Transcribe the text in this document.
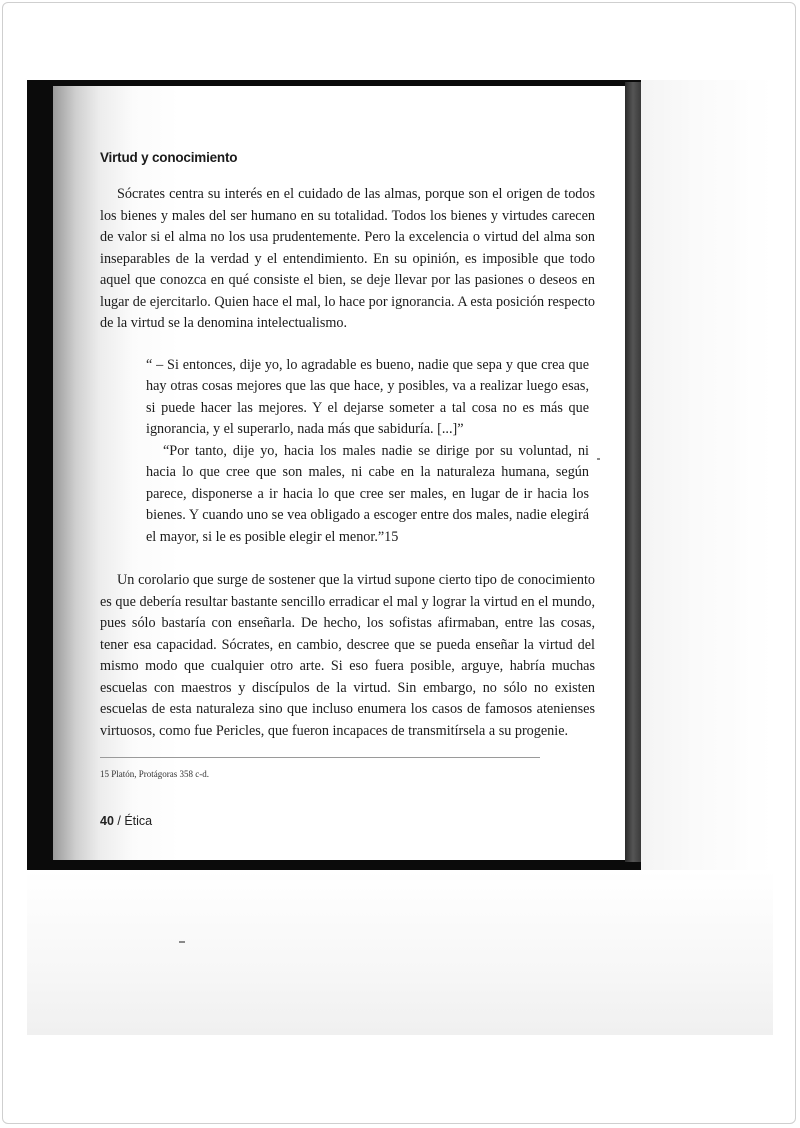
Virtud y conocimiento

Sócrates centra su interés en el cuidado de las almas, porque son el origen de todos los bienes y males del ser humano en su totalidad. Todos los bienes y virtudes carecen de valor si el alma no los usa prudentemente. Pero la excelencia o virtud del alma son inseparables de la verdad y el entendimiento. En su opinión, es imposible que todo aquel que conozca en qué consiste el bien, se deje llevar por las pasiones o deseos en lugar de ejercitarlo. Quien hace el mal, lo hace por ignorancia. A esta posición respecto de la virtud se la denomina intelectualismo.

“ – Si entonces, dije yo, lo agradable es bueno, nadie que sepa y que crea que hay otras cosas mejores que las que hace, y posibles, va a realizar luego esas, si puede hacer las mejores. Y el dejarse someter a tal cosa no es más que ignorancia, y el superarlo, nada más que sabiduría. [...]”

“Por tanto, dije yo, hacia los males nadie se dirige por su voluntad, ni hacia lo que cree que son males, ni cabe en la naturaleza humana, según parece, disponerse a ir hacia lo que cree ser males, en lugar de ir hacia los bienes. Y cuando uno se vea obligado a escoger entre dos males, nadie elegirá el mayor, si le es posible elegir el menor.”15

Un corolario que surge de sostener que la virtud supone cierto tipo de conocimiento es que debería resultar bastante sencillo erradicar el mal y lograr la virtud en el mundo, pues sólo bastaría con enseñarla. De hecho, los sofistas afirmaban, entre las cosas, tener esa capacidad. Sócrates, en cambio, descree que se pueda enseñar la virtud del mismo modo que cualquier otro arte. Si eso fuera posible, arguye, habría muchas escuelas con maestros y discípulos de la virtud. Sin embargo, no sólo no existen escuelas de esta naturaleza sino que incluso enumera los casos de famosos atenienses virtuosos, como fue Pericles, que fueron incapaces de transmitírsela a su progenie.

15 Platón, Protágoras 358 c-d.
40 / Ética
